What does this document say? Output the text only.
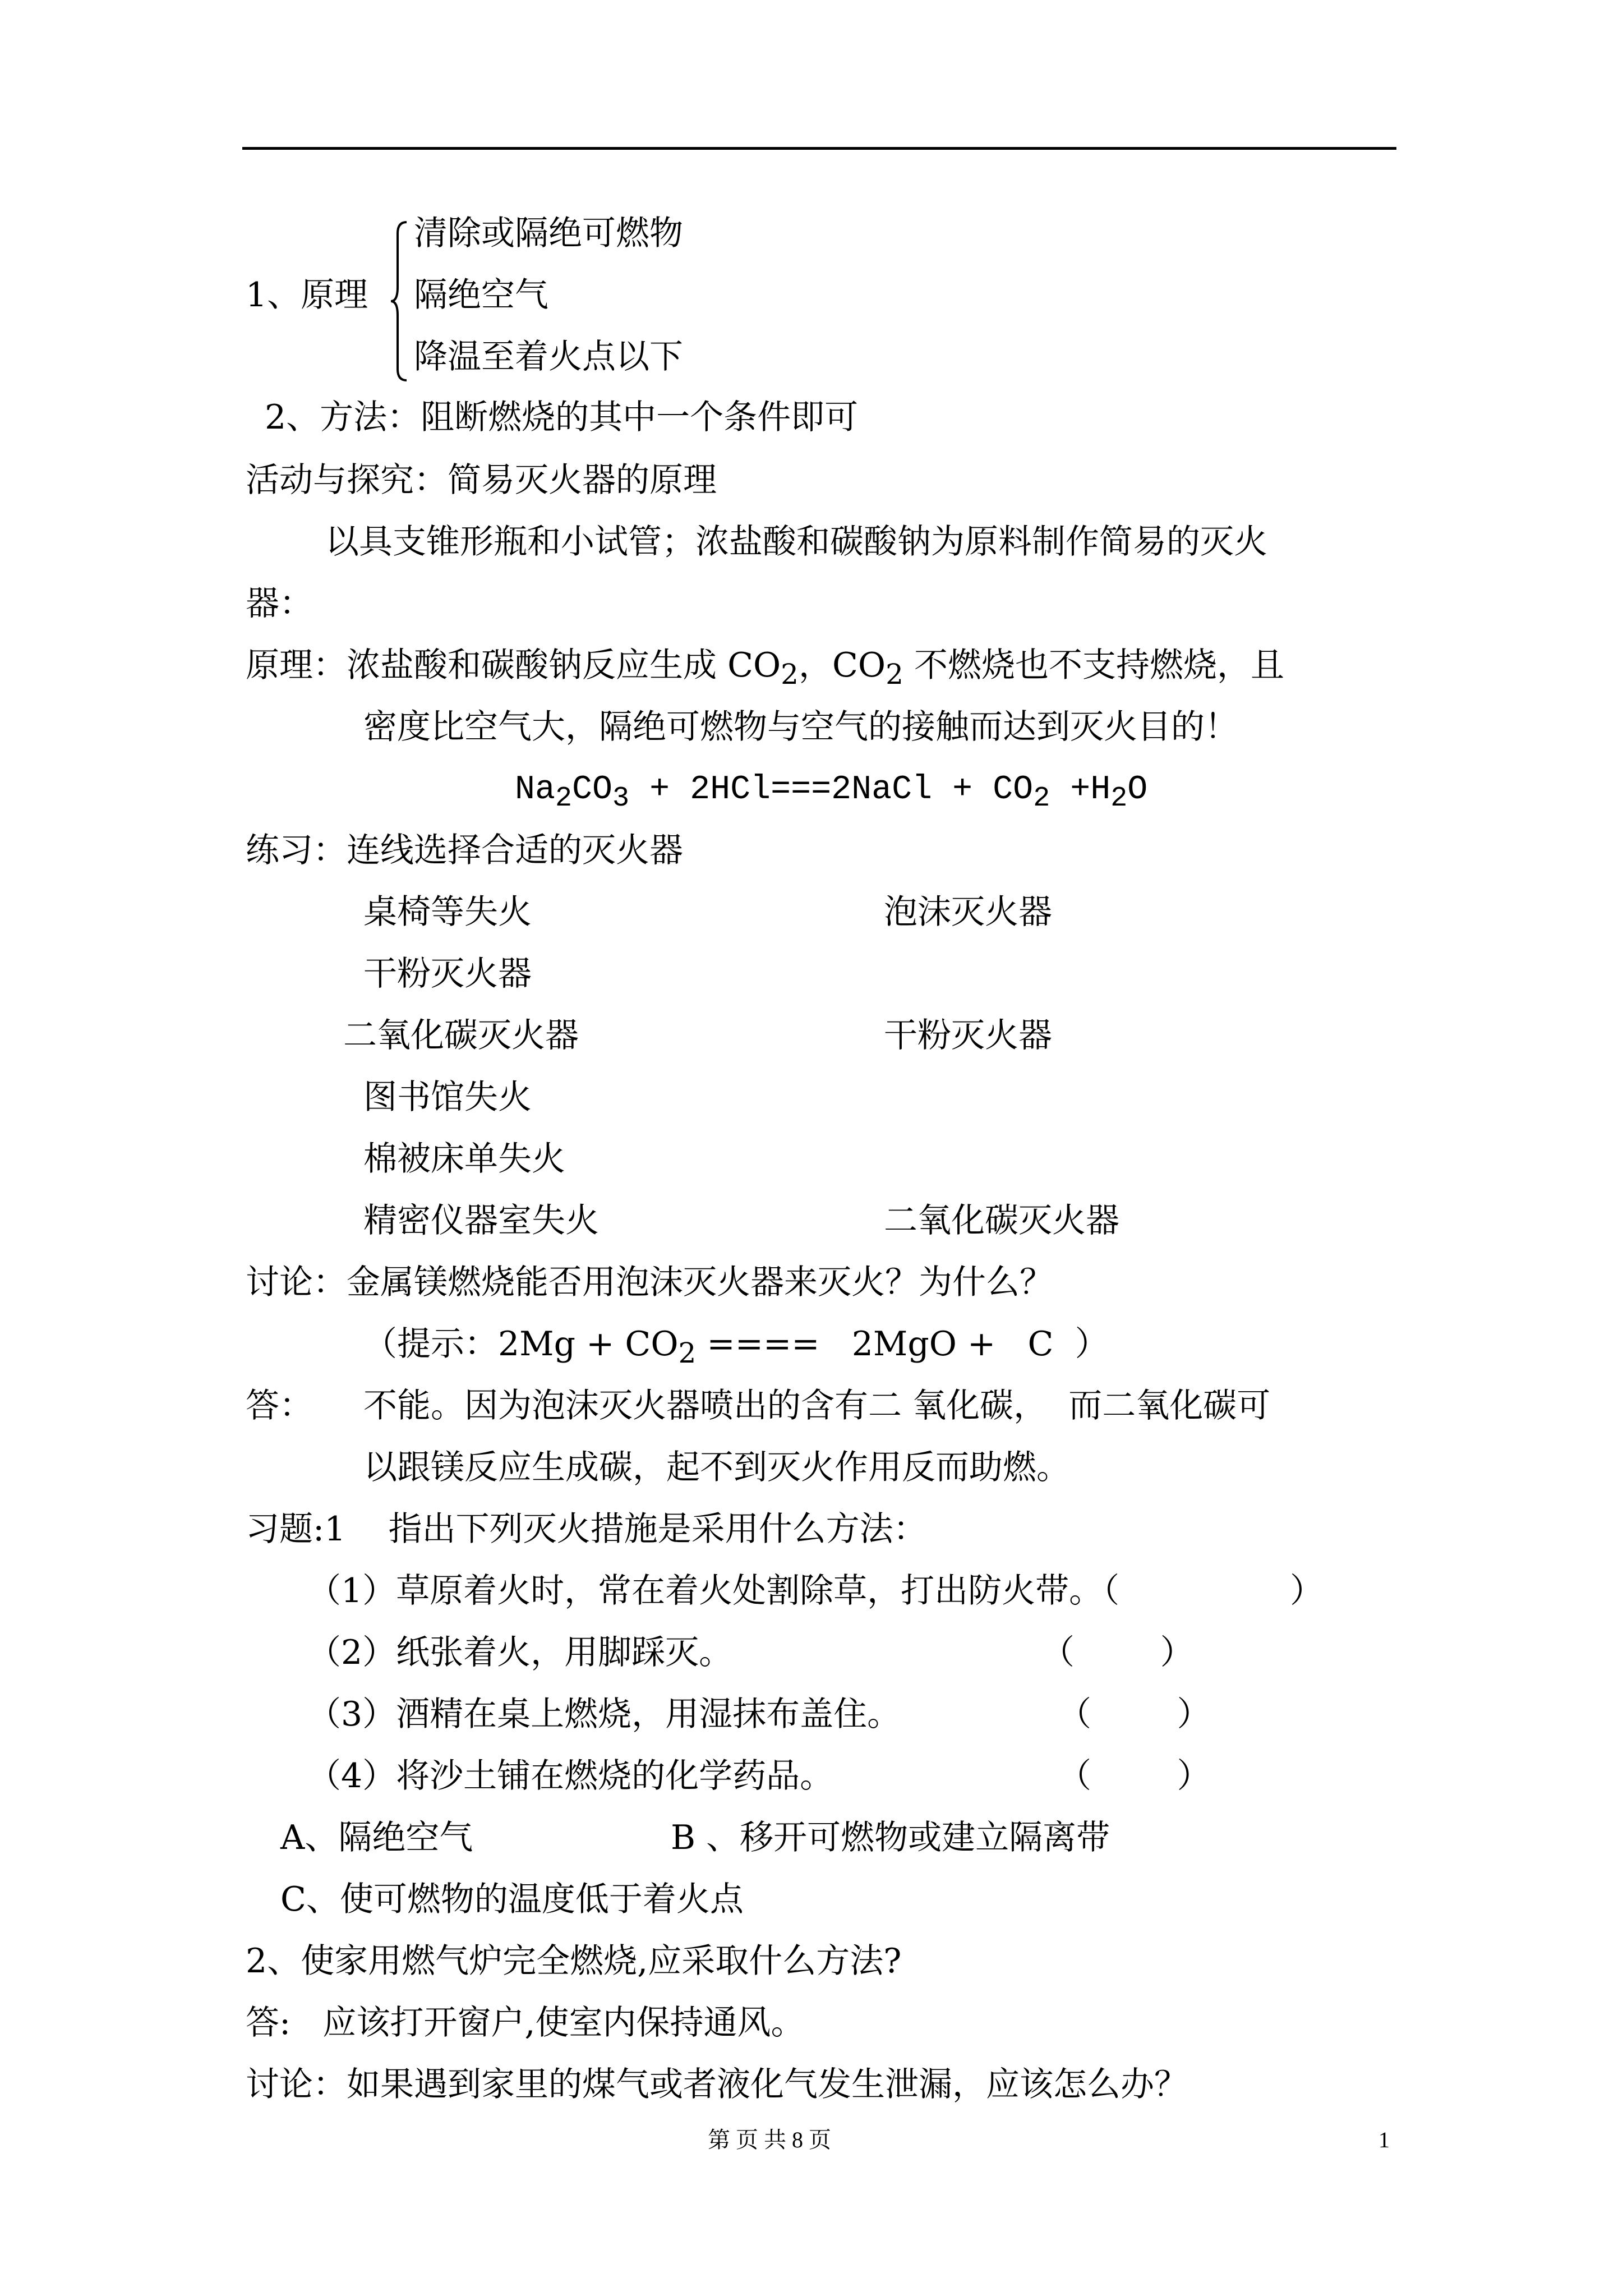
1、原理
清除或隔绝可燃物
隔绝空气
降温至着火点以下
2、方法：阻断燃烧的其中一个条件即可
活动与探究：简易灭火器的原理
以具支锥形瓶和小试管；浓盐酸和碳酸钠为原料制作简易的灭火
器：
原理：浓盐酸和碳酸钠反应生成 $CO_2$，$CO_2$ 不燃烧也不支持燃烧，且
密度比空气大，隔绝可燃物与空气的接触而达到灭火目的！
$Na_2CO_3$ + 2HCl===2NaCl + $CO_2 +H_2O$
练习：连线选择合适的灭火器
桌椅等失火	泡沫灭火器
干粉灭火器
二氧化碳灭火器	干粉灭火器
图书馆失火
棉被床单失火
精密仪器室失火	二氧化碳灭火器
讨论：金属镁燃烧能否用泡沫灭火器来灭火？为什么？
（提示：$2Mg + CO_2$ ====   2MgO +   C  ）
答： 不能。因为泡沫灭火器喷出的含有二 氧化碳，  而二氧化碳可
以跟镁反应生成碳，起不到灭火作用反而助燃。
习题:1    指出下列灭火措施是采用什么方法：
（1）草原着火时，常在着火处割除草，打出防火带。（	）
（2）纸张着火，用脚踩灭。	（        ）
（3）酒精在桌上燃烧，用湿抹布盖住。	（        ）
（4）将沙土铺在燃烧的化学药品。	（        ）
A、隔绝空气	B 、移开可燃物或建立隔离带
C、使可燃物的温度低于着火点
2、使家用燃气炉完全燃烧,应采取什么方法?
答:   应该打开窗户,使室内保持通风。
讨论：如果遇到家里的煤气或者液化气发生泄漏，应该怎么办？
第 页 共 8 页	1
